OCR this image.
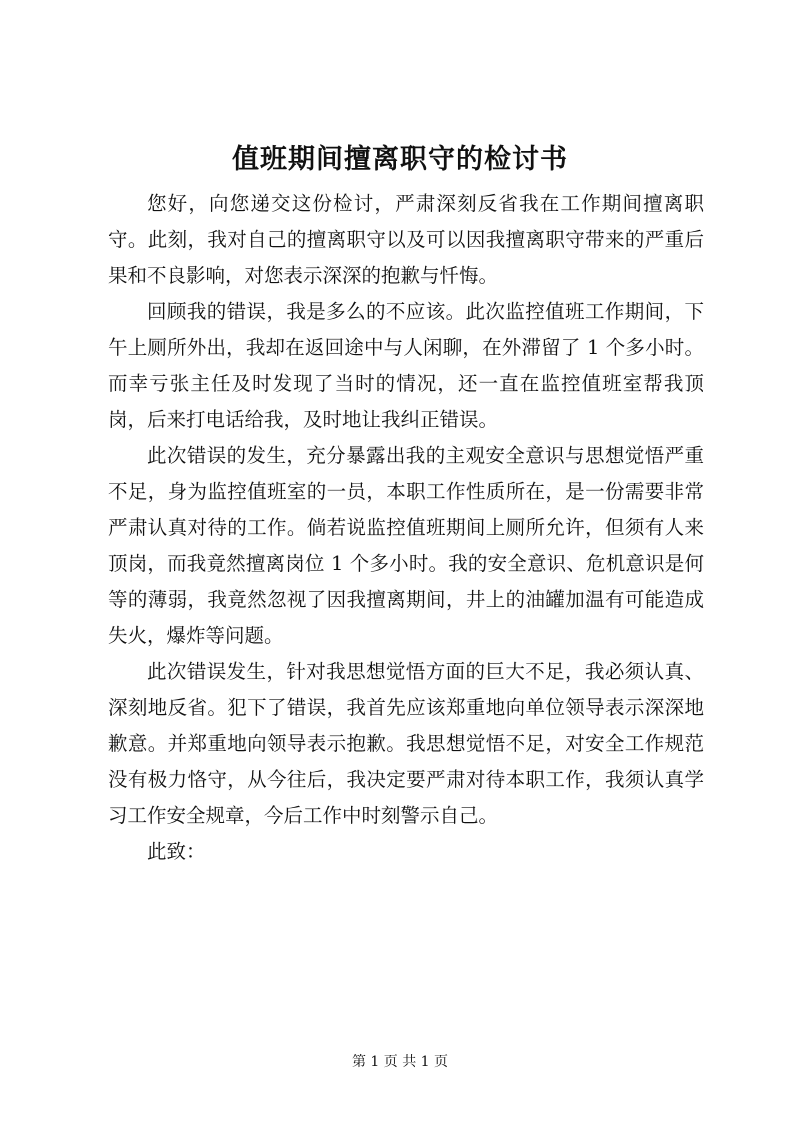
值班期间擅离职守的检讨书

您好，向您递交这份检讨，严肃深刻反省我在工作期间擅离职守。此刻，我对自己的擅离职守以及可以因我擅离职守带来的严重后果和不良影响，对您表示深深的抱歉与忏悔。

回顾我的错误，我是多么的不应该。此次监控值班工作期间，下午上厕所外出，我却在返回途中与人闲聊，在外滞留了 1 个多小时。而幸亏张主任及时发现了当时的情况，还一直在监控值班室帮我顶岗，后来打电话给我，及时地让我纠正错误。

此次错误的发生，充分暴露出我的主观安全意识与思想觉悟严重不足，身为监控值班室的一员，本职工作性质所在，是一份需要非常严肃认真对待的工作。倘若说监控值班期间上厕所允许，但须有人来顶岗，而我竟然擅离岗位 1 个多小时。我的安全意识、危机意识是何等的薄弱，我竟然忽视了因我擅离期间，井上的油罐加温有可能造成失火，爆炸等问题。

此次错误发生，针对我思想觉悟方面的巨大不足，我必须认真、深刻地反省。犯下了错误，我首先应该郑重地向单位领导表示深深地歉意。并郑重地向领导表示抱歉。我思想觉悟不足，对安全工作规范没有极力恪守，从今往后，我决定要严肃对待本职工作，我须认真学习工作安全规章，今后工作中时刻警示自己。

此致：

第 1 页 共 1 页
